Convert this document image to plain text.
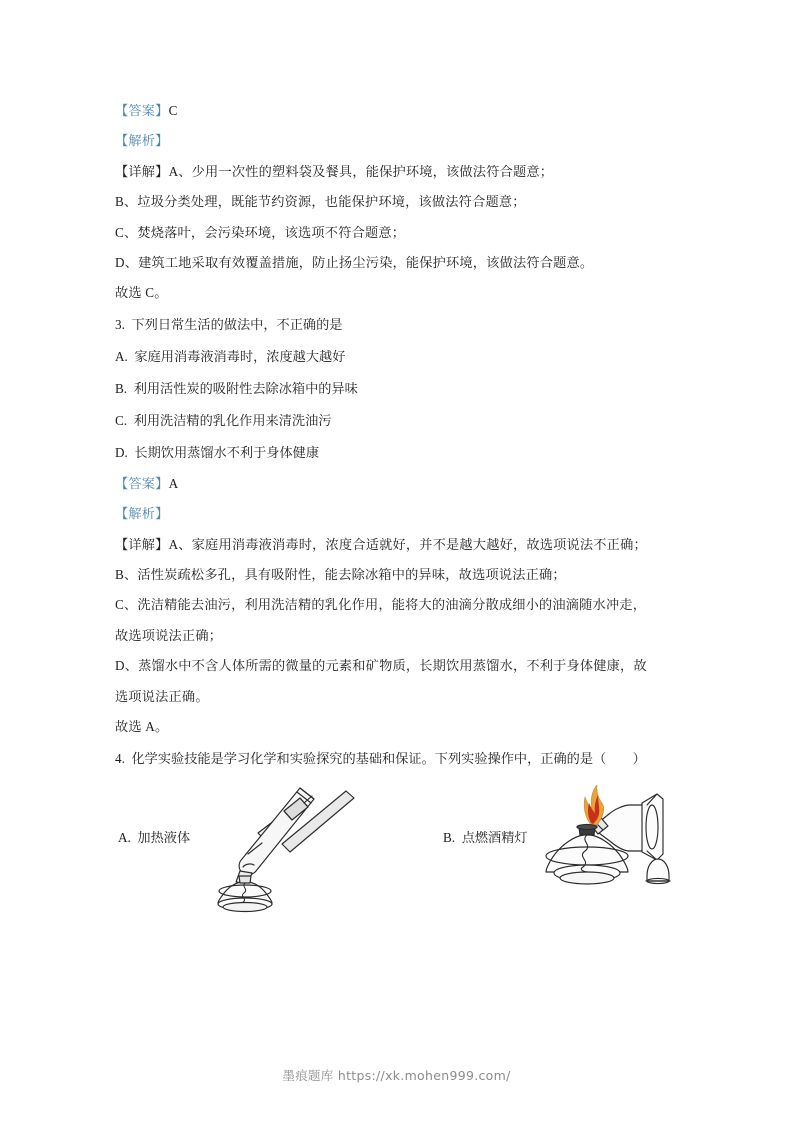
【答案】C
【解析】
【详解】A、少用一次性的塑料袋及餐具，能保护环境，该做法符合题意；
B、垃圾分类处理，既能节约资源，也能保护环境，该做法符合题意；
C、焚烧落叶，会污染环境，该选项不符合题意；
D、建筑工地采取有效覆盖措施，防止扬尘污染，能保护环境，该做法符合题意。
故选 C。
3. 下列日常生活的做法中，不正确的是
A. 家庭用消毒液消毒时，浓度越大越好
B. 利用活性炭的吸附性去除冰箱中的异味
C. 利用洗洁精的乳化作用来清洗油污
D. 长期饮用蒸馏水不利于身体健康
【答案】A
【解析】
【详解】A、家庭用消毒液消毒时，浓度合适就好，并不是越大越好，故选项说法不正确；
B、活性炭疏松多孔，具有吸附性，能去除冰箱中的异味，故选项说法正确；
C、洗洁精能去油污，利用洗洁精的乳化作用，能将大的油滴分散成细小的油滴随水冲走，
故选项说法正确；
D、蒸馏水中不含人体所需的微量的元素和矿物质，长期饮用蒸馏水，不利于身体健康，故
选项说法正确。
故选 A。
4. 化学实验技能是学习化学和实验探究的基础和保证。下列实验操作中，正确的是（　　）
A. 加热液体	B. 点燃酒精灯
墨痕题库 https://xk.mohen999.com/
